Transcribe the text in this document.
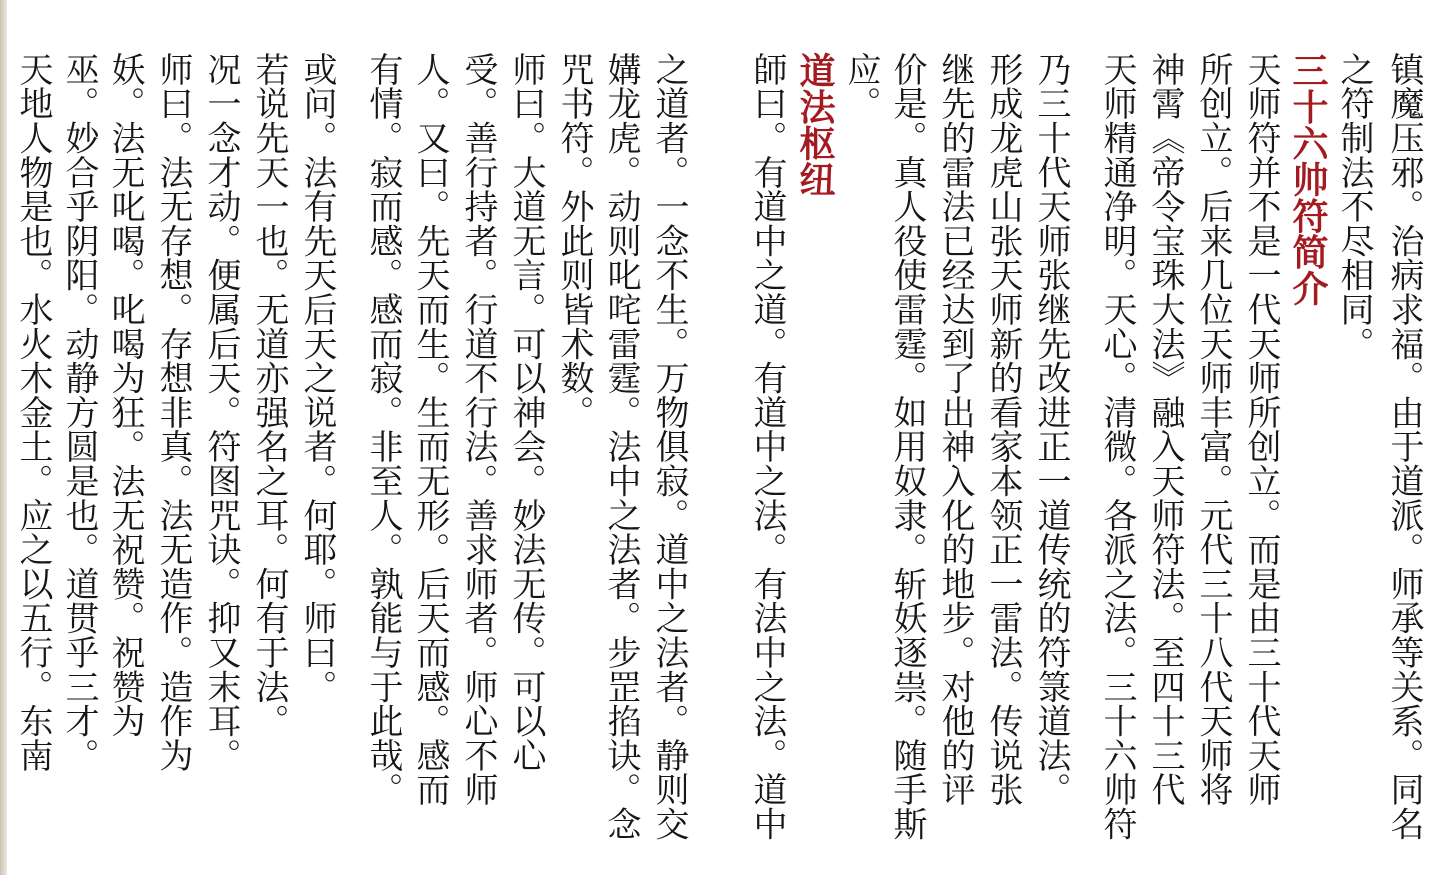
镇魔压邪。治病求福。由于道派。师承等关系。同名
之符制法不尽相同。
三十六帅符简介
天师符并不是一代天师所创立。而是由三十代天师
所创立。后来几位天师丰富。元代三十八代天师将
神霄《帝令宝珠大法》融入天师符法。至四十三代
天师精通净明。天心。清微。各派之法。三十六帅符
乃三十代天师张继先改进正一道传统的符箓道法。
形成龙虎山张天师新的看家本领正一雷法。传说张
继先的雷法已经达到了出神入化的地步。对他的评
价是。真人役使雷霆。如用奴隶。斩妖逐祟。随手斯
应。
道法枢纽
師曰。有道中之道。有道中之法。有法中之法。道中
之道者。一念不生。万物俱寂。道中之法者。静则交
媾龙虎。动则叱咤雷霆。法中之法者。步罡掐诀。念
咒书符。外此则皆术数。
师曰。大道无言。可以神会。妙法无传。可以心
受。善行持者。行道不行法。善求师者。师心不师
人。又曰。先天而生。生而无形。后天而感。感而
有情。寂而感。感而寂。非至人。孰能与于此哉。
或问。法有先天后天之说者。何耶。师曰。
若说先天一也。无道亦强名之耳。何有于法。
况一念才动。便属后天。符图咒诀。抑又末耳。
师曰。法无存想。存想非真。法无造作。造作为
妖。法无叱喝。叱喝为狂。法无祝赞。祝赞为
巫。妙合乎阴阳。动静方圆是也。道贯乎三才。
天地人物是也。水火木金土。应之以五行。东南
